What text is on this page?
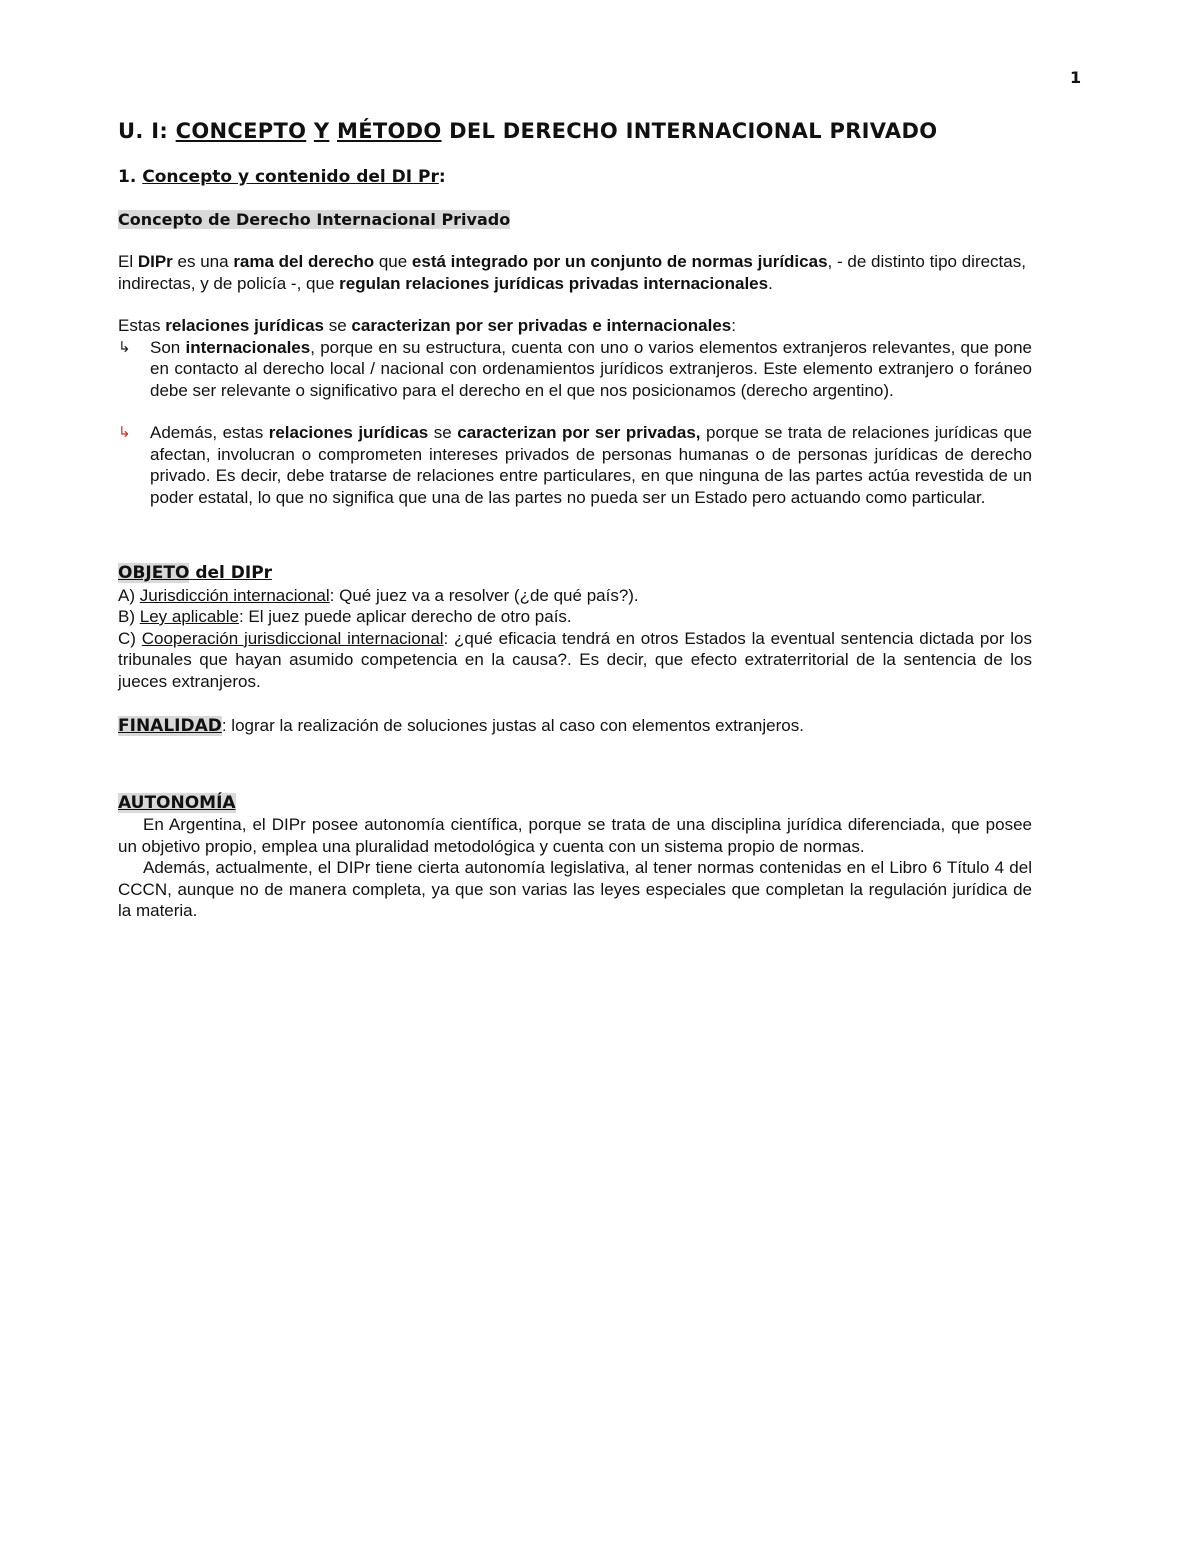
1

U. I: CONCEPTO Y MÉTODO DEL DERECHO INTERNACIONAL PRIVADO

1. Concepto y contenido del DI Pr:

Concepto de Derecho Internacional Privado

El DIPr es una rama del derecho que está integrado por un conjunto de normas jurídicas, - de distinto tipo directas, indirectas, y de policía -, que regulan relaciones jurídicas privadas internacionales.

Estas relaciones jurídicas se caracterizan por ser privadas e internacionales:

↳	Son internacionales, porque en su estructura, cuenta con uno o varios elementos extranjeros relevantes, que pone en contacto al derecho local / nacional con ordenamientos jurídicos extranjeros. Este elemento extranjero o foráneo debe ser relevante o significativo para el derecho en el que nos posicionamos (derecho argentino).
↳	Además, estas relaciones jurídicas se caracterizan por ser privadas, porque se trata de relaciones jurídicas que afectan, involucran o comprometen intereses privados de personas humanas o de personas jurídicas de derecho privado. Es decir, debe tratarse de relaciones entre particulares, en que ninguna de las partes actúa revestida de un poder estatal, lo que no significa que una de las partes no pueda ser un Estado pero actuando como particular.

OBJETO del DIPr

A) Jurisdicción internacional: Qué juez va a resolver (¿de qué país?).

B) Ley aplicable: El juez puede aplicar derecho de otro país.

C) Cooperación jurisdiccional internacional: ¿qué eficacia tendrá en otros Estados la eventual sentencia dictada por los tribunales que hayan asumido competencia en la causa?. Es decir, que efecto extraterritorial de la sentencia de los jueces extranjeros.

FINALIDAD: lograr la realización de soluciones justas al caso con elementos extranjeros.

AUTONOMÍA

En Argentina, el DIPr posee autonomía científica, porque se trata de una disciplina jurídica diferenciada, que posee un objetivo propio, emplea una pluralidad metodológica y cuenta con un sistema propio de normas.

Además, actualmente, el DIPr tiene cierta autonomía legislativa, al tener normas contenidas en el Libro 6 Título 4 del CCCN, aunque no de manera completa, ya que son varias las leyes especiales que completan la regulación jurídica de la materia.
